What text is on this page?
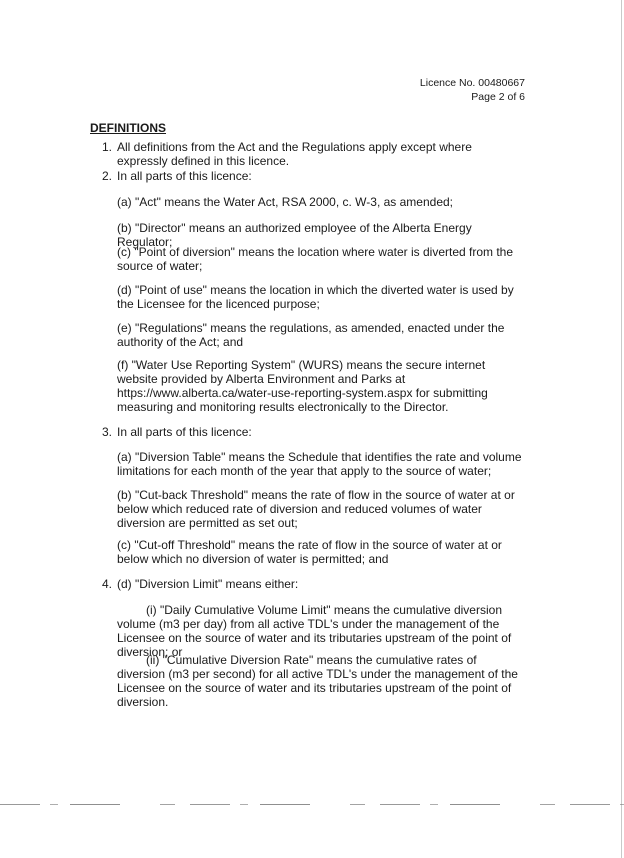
Licence No. 00480667
Page 2 of 6
DEFINITIONS
1. All definitions from the Act and the Regulations apply except where expressly defined in this licence.
2. In all parts of this licence:
(a) "Act" means the Water Act, RSA 2000, c. W-3, as amended;
(b) "Director" means an authorized employee of the Alberta Energy Regulator;
(c) "Point of diversion" means the location where water is diverted from the source of water;
(d) "Point of use" means the location in which the diverted water is used by the Licensee for the licenced purpose;
(e) "Regulations" means the regulations, as amended, enacted under the authority of the Act; and
(f) "Water Use Reporting System" (WURS) means the secure internet website provided by Alberta Environment and Parks at https://www.alberta.ca/water-use-reporting-system.aspx for submitting measuring and monitoring results electronically to the Director.
3. In all parts of this licence:
(a) "Diversion Table" means the Schedule that identifies the rate and volume limitations for each month of the year that apply to the source of water;
(b) "Cut-back Threshold" means the rate of flow in the source of water at or below which reduced rate of diversion and reduced volumes of water diversion are permitted as set out;
(c) "Cut-off Threshold" means the rate of flow in the source of water at or below which no diversion of water is permitted; and
4. (d) "Diversion Limit" means either:
(i) "Daily Cumulative Volume Limit" means the cumulative diversion volume (m3 per day) from all active TDL's under the management of the Licensee on the source of water and its tributaries upstream of the point of diversion; or
(ii) "Cumulative Diversion Rate" means the cumulative rates of diversion (m3 per second) for all active TDL's under the management of the Licensee on the source of water and its tributaries upstream of the point of diversion.
